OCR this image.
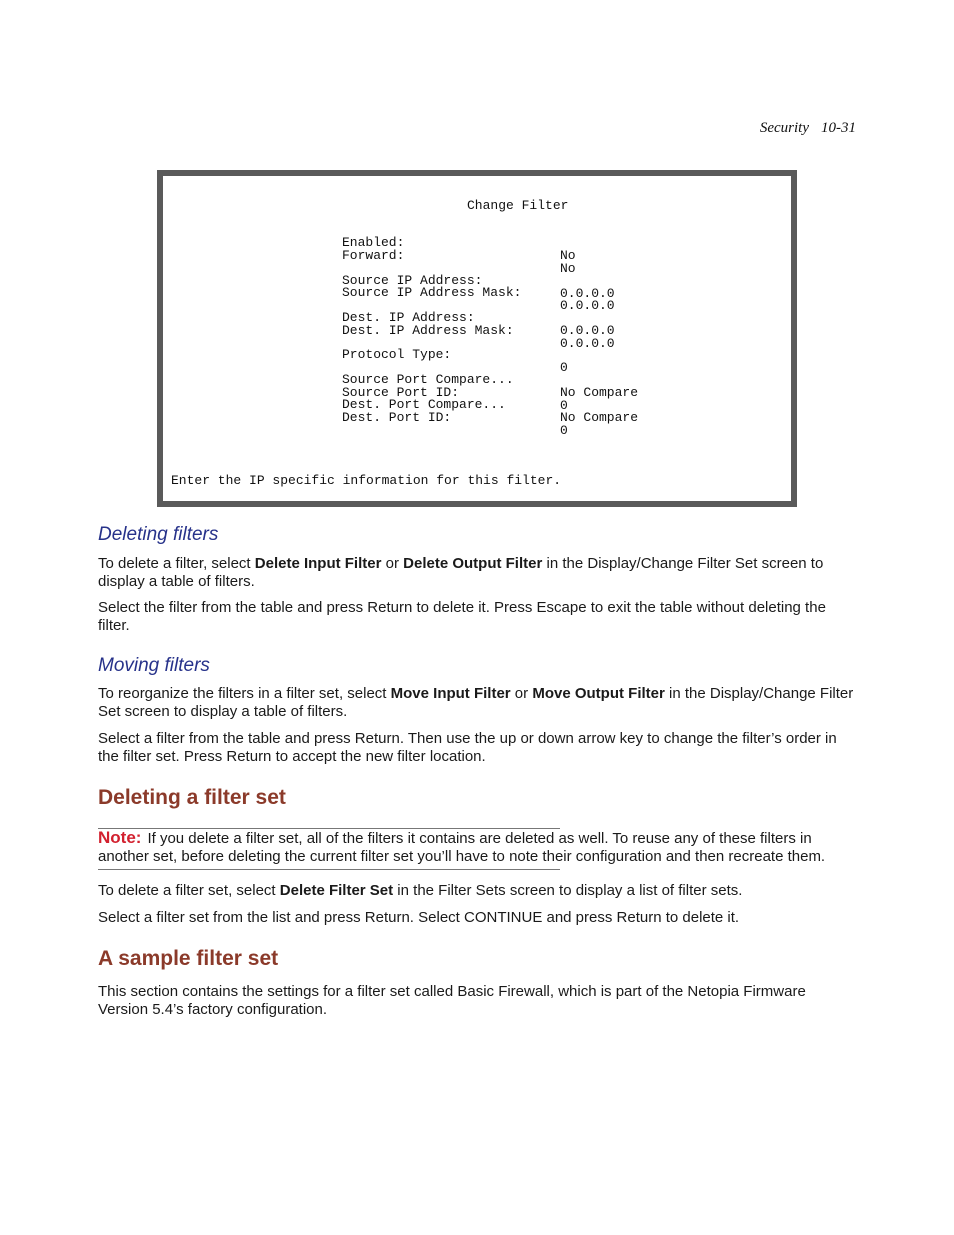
Security 10-31
Change Filter

Enabled:

No

Forward:

No

Source IP Address:

0.0.0.0

Source IP Address Mask:

0.0.0.0

Dest. IP Address:

0.0.0.0

Dest. IP Address Mask:

0.0.0.0

Protocol Type:

0

Source Port Compare...

No Compare

Source Port ID:

0

Dest. Port Compare...

No Compare

Dest. Port ID:

0

Enter the IP specific information for this filter.
Deleting filters

To delete a filter, select Delete Input Filter or Delete Output Filter in the Display/Change Filter Set screen to display a table of filters.

Select the filter from the table and press Return to delete it. Press Escape to exit the table without deleting the filter.

Moving filters

To reorganize the filters in a filter set, select Move Input Filter or Move Output Filter in the Display/Change Filter Set screen to display a table of filters.

Select a filter from the table and press Return. Then use the up or down arrow key to change the filter’s order in the filter set. Press Return to accept the new filter location.

Deleting a filter set

Note: If you delete a filter set, all of the filters it contains are deleted as well. To reuse any of these filters in another set, before deleting the current filter set you’ll have to note their configuration and then recreate them.

To delete a filter set, select Delete Filter Set in the Filter Sets screen to display a list of filter sets.

Select a filter set from the list and press Return. Select CONTINUE and press Return to delete it.

A sample filter set

This section contains the settings for a filter set called Basic Firewall, which is part of the Netopia Firmware Version 5.4’s factory configuration.
